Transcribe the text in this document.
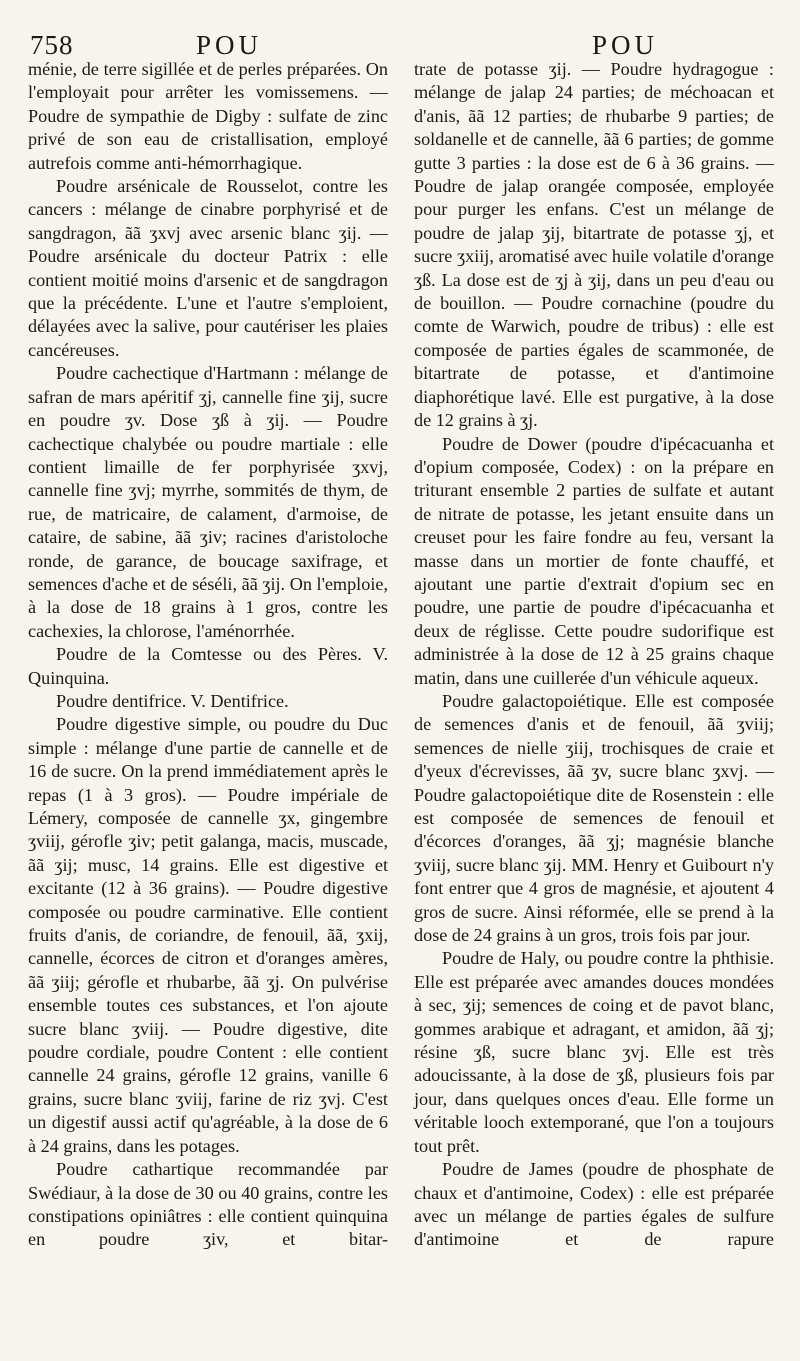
758	POU	POU

ménie, de terre sigillée et de perles préparées. On l'employait pour arrêter les vomissemens. — Poudre de sympathie de Digby : sulfate de zinc privé de son eau de cristallisation, employé autrefois comme anti-hémorrhagique.

Poudre arsénicale de Rousselot, contre les cancers : mélange de cinabre porphyrisé et de sangdragon, ãã ʒxvj avec arsenic blanc ʒij. — Poudre arsénicale du docteur Patrix : elle contient moitié moins d'arsenic et de sangdragon que la précédente. L'une et l'autre s'emploient, délayées avec la salive, pour cautériser les plaies cancéreuses.

Poudre cachectique d'Hartmann : mélange de safran de mars apéritif ʒj, cannelle fine ʒij, sucre en poudre ʒv. Dose ʒß à ʒij. — Poudre cachectique chalybée ou poudre martiale : elle contient limaille de fer porphyrisée ʒxvj, cannelle fine ʒvj; myrrhe, sommités de thym, de rue, de matricaire, de calament, d'armoise, de cataire, de sabine, ãã ʒiv; racines d'aristoloche ronde, de garance, de boucage saxifrage, et semences d'ache et de séséli, ãã ʒij. On l'emploie, à la dose de 18 grains à 1 gros, contre les cachexies, la chlorose, l'aménorrhée.

Poudre de la Comtesse ou des Pères. V. Quinquina.

Poudre dentifrice. V. Dentifrice.

Poudre digestive simple, ou poudre du Duc simple : mélange d'une partie de cannelle et de 16 de sucre. On la prend immédiatement après le repas (1 à 3 gros). — Poudre impériale de Lémery, composée de cannelle ʒx, gingembre ʒviij, gérofle ʒiv; petit galanga, macis, muscade, ãã ʒij; musc, 14 grains. Elle est digestive et excitante (12 à 36 grains). — Poudre digestive composée ou poudre carminative. Elle contient fruits d'anis, de coriandre, de fenouil, ãã, ʒxij, cannelle, écorces de citron et d'oranges amères, ãã ʒiij; gérofle et rhubarbe, ãã ʒj. On pulvérise ensemble toutes ces substances, et l'on ajoute sucre blanc ʒviij. — Poudre digestive, dite poudre cordiale, poudre Content : elle contient cannelle 24 grains, gérofle 12 grains, vanille 6 grains, sucre blanc ʒviij, farine de riz ʒvj. C'est un digestif aussi actif qu'agréable, à la dose de 6 à 24 grains, dans les potages.

Poudre cathartique recommandée par Swédiaur, à la dose de 30 ou 40 grains, contre les constipations opiniâtres : elle contient quinquina en poudre ʒiv, et bitar-

trate de potasse ʒij. — Poudre hydragogue : mélange de jalap 24 parties; de méchoacan et d'anis, ãã 12 parties; de rhubarbe 9 parties; de soldanelle et de cannelle, ãã 6 parties; de gomme gutte 3 parties : la dose est de 6 à 36 grains. — Poudre de jalap orangée composée, employée pour purger les enfans. C'est un mélange de poudre de jalap ʒij, bitartrate de potasse ʒj, et sucre ʒxiij, aromatisé avec huile volatile d'orange ʒß. La dose est de ʒj à ʒij, dans un peu d'eau ou de bouillon. — Poudre cornachine (poudre du comte de Warwich, poudre de tribus) : elle est composée de parties égales de scammonée, de bitartrate de potasse, et d'antimoine diaphorétique lavé. Elle est purgative, à la dose de 12 grains à ʒj.

Poudre de Dower (poudre d'ipécacuanha et d'opium composée, Codex) : on la prépare en triturant ensemble 2 parties de sulfate et autant de nitrate de potasse, les jetant ensuite dans un creuset pour les faire fondre au feu, versant la masse dans un mortier de fonte chauffé, et ajoutant une partie d'extrait d'opium sec en poudre, une partie de poudre d'ipécacuanha et deux de réglisse. Cette poudre sudorifique est administrée à la dose de 12 à 25 grains chaque matin, dans une cuillerée d'un véhicule aqueux.

Poudre galactopoiétique. Elle est composée de semences d'anis et de fenouil, ãã ʒviij; semences de nielle ʒiij, trochisques de craie et d'yeux d'écrevisses, ãã ʒv, sucre blanc ʒxvj. — Poudre galactopoiétique dite de Rosenstein : elle est composée de semences de fenouil et d'écorces d'oranges, ãã ʒj; magnésie blanche ʒviij, sucre blanc ʒij. MM. Henry et Guibourt n'y font entrer que 4 gros de magnésie, et ajoutent 4 gros de sucre. Ainsi réformée, elle se prend à la dose de 24 grains à un gros, trois fois par jour.

Poudre de Haly, ou poudre contre la phthisie. Elle est préparée avec amandes douces mondées à sec, ʒij; semences de coing et de pavot blanc, gommes arabique et adragant, et amidon, ãã ʒj; résine ʒß, sucre blanc ʒvj. Elle est très adoucissante, à la dose de ʒß, plusieurs fois par jour, dans quelques onces d'eau. Elle forme un véritable looch extemporané, que l'on a toujours tout prêt.

Poudre de James (poudre de phosphate de chaux et d'antimoine, Codex) : elle est préparée avec un mélange de parties égales de sulfure d'antimoine et de rapure
